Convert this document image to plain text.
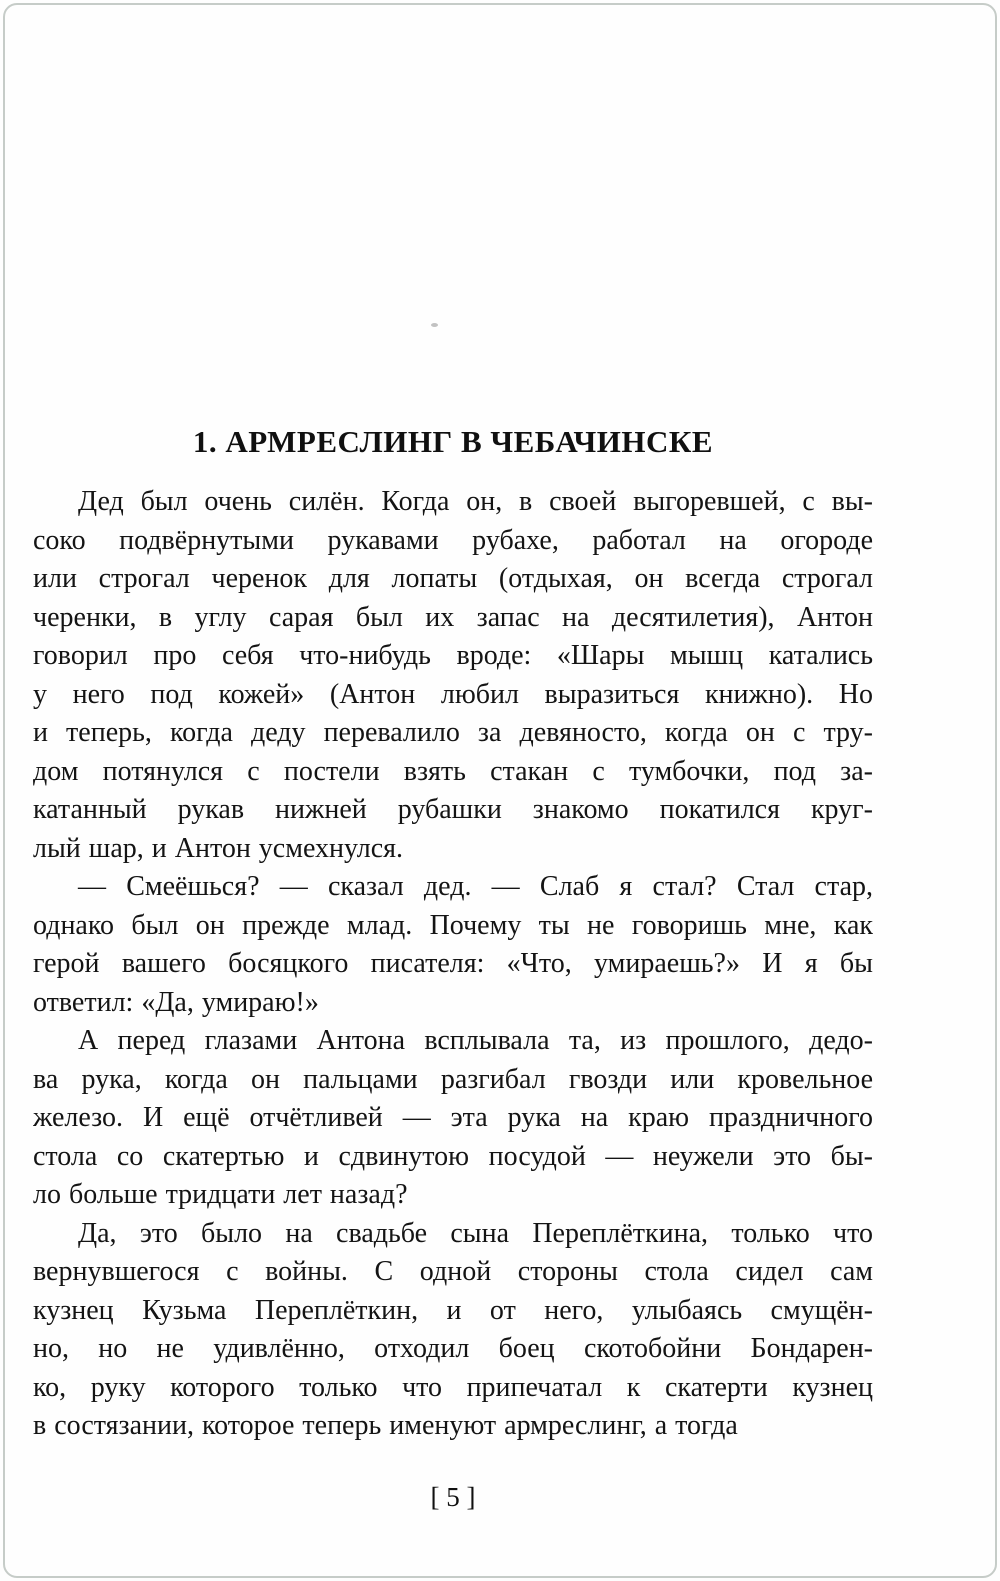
1. АРМРЕСЛИНГ В ЧЕБАЧИНСКЕ
Дед был очень силён. Когда он, в своей выгоревшей, с вы-
соко подвёрнутыми рукавами рубахе, работал на огороде
или строгал черенок для лопаты (отдыхая, он всегда строгал
черенки, в углу сарая был их запас на десятилетия), Антон
говорил про себя что-нибудь вроде: «Шары мышц катались
у него под кожей» (Антон любил выразиться книжно). Но
и теперь, когда деду перевалило за девяносто, когда он с тру-
дом потянулся с постели взять стакан с тумбочки, под за-
катанный рукав нижней рубашки знакомо покатился круг-
лый шар, и Антон усмехнулся.
— Смеёшься? — сказал дед. — Слаб я стал? Стал стар,
однако был он прежде млад. Почему ты не говоришь мне, как
герой вашего босяцкого писателя: «Что, умираешь?» И я бы
ответил: «Да, умираю!»
А перед глазами Антона всплывала та, из прошлого, дедо-
ва рука, когда он пальцами разгибал гвозди или кровельное
железо. И ещё отчётливей — эта рука на краю праздничного
стола со скатертью и сдвинутою посудой — неужели это бы-
ло больше тридцати лет назад?
Да, это было на свадьбе сына Переплёткина, только что
вернувшегося с войны. С одной стороны стола сидел сам
кузнец Кузьма Переплёткин, и от него, улыбаясь смущён-
но, но не удивлённо, отходил боец скотобойни Бондарен-
ко, руку которого только что припечатал к скатерти кузнец
в состязании, которое теперь именуют армреслинг, а тогда
[ 5 ]
